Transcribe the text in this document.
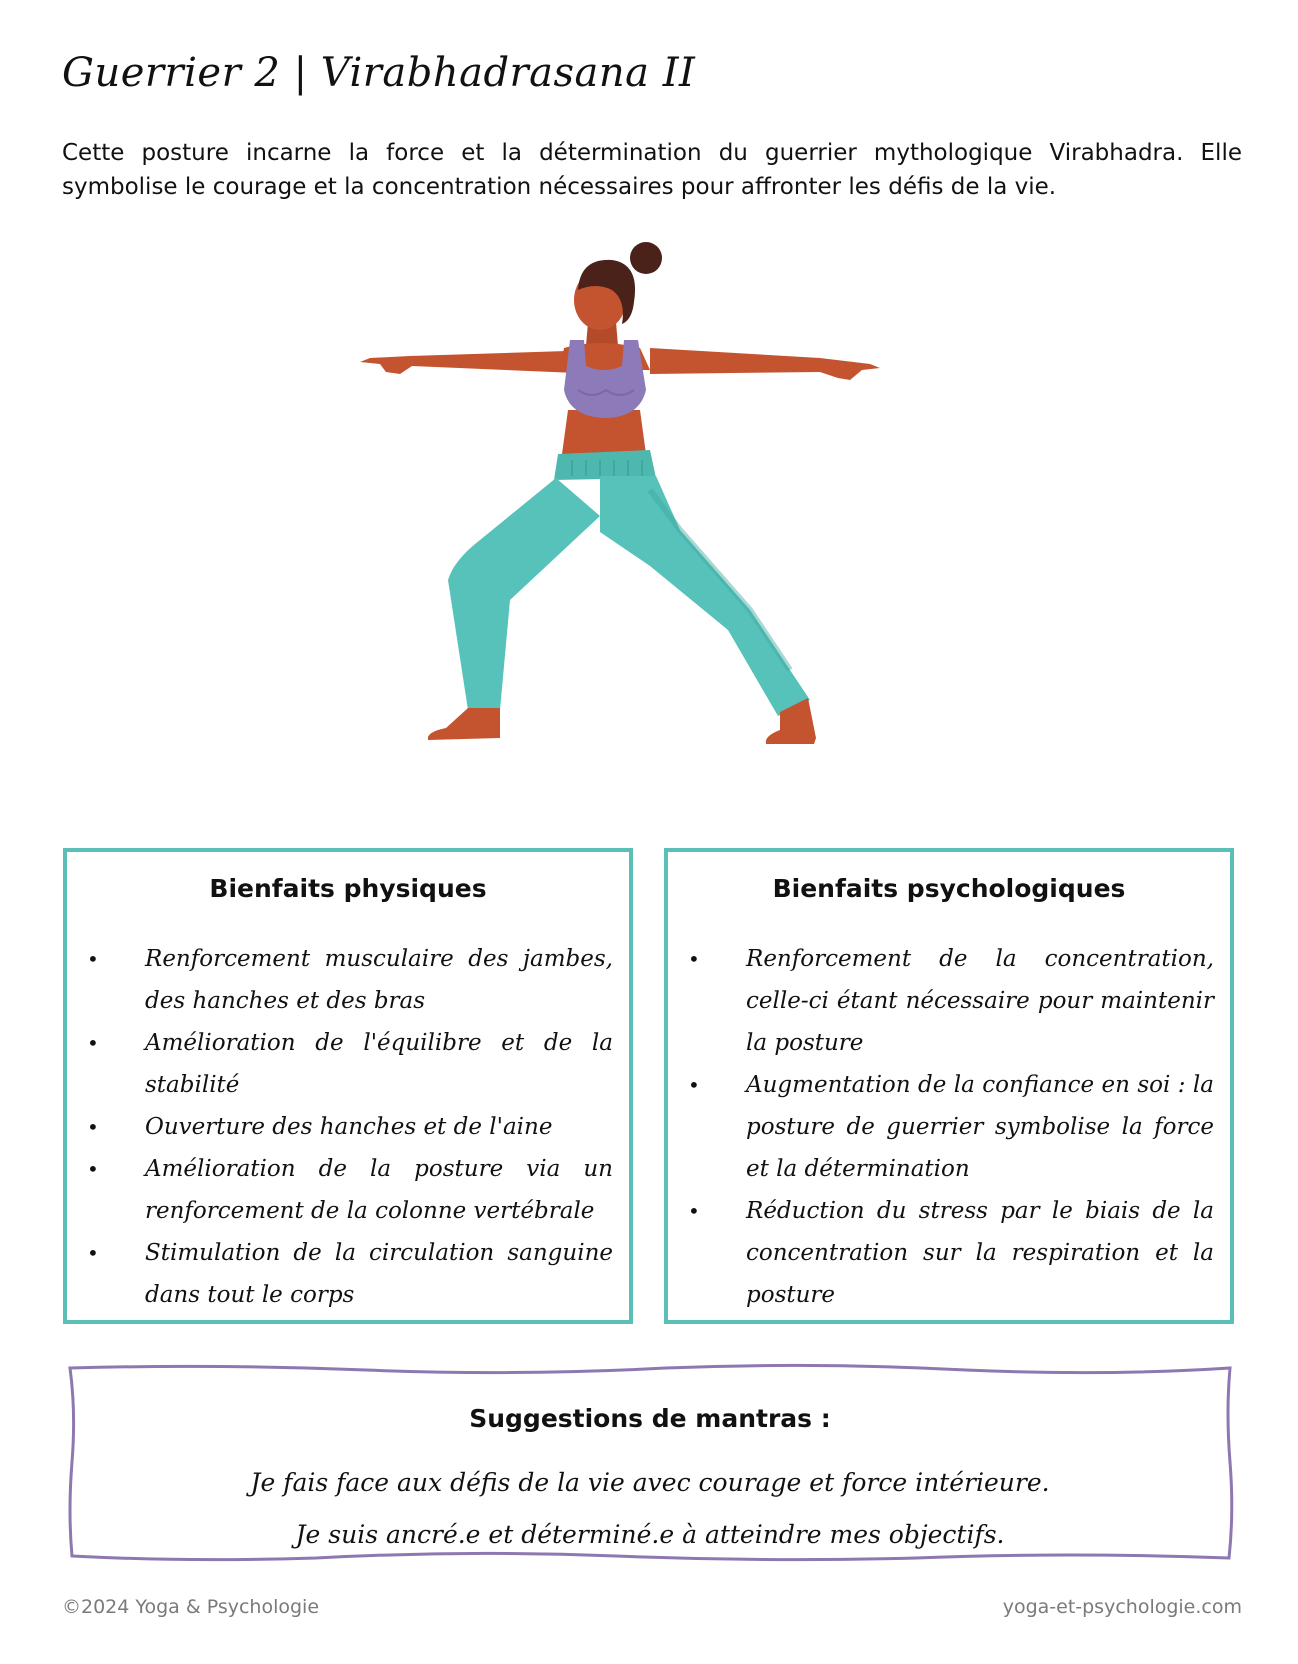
Guerrier 2 | Virabhadrasana II

Cette posture incarne la force et la détermination du guerrier mythologique Virabhadra. Elle symbolise le courage et la concentration nécessaires pour affronter les défis de la vie.

Bienfaits physiques
• Renforcement musculaire des jambes, des hanches et des bras
• Amélioration de l'équilibre et de la stabilité
• Ouverture des hanches et de l'aine
• Amélioration de la posture via un renforcement de la colonne vertébrale
• Stimulation de la circulation sanguine dans tout le corps
Bienfaits psychologiques
• Renforcement de la concentration, celle-ci étant nécessaire pour maintenir la posture
• Augmentation de la confiance en soi : la posture de guerrier symbolise la force et la détermination
• Réduction du stress par le biais de la concentration sur la respiration et la posture

Suggestions de mantras :

Je fais face aux défis de la vie avec courage et force intérieure.

Je suis ancré.e et déterminé.e à atteindre mes objectifs.

©2024 Yoga & Psychologie	yoga-et-psychologie.com
